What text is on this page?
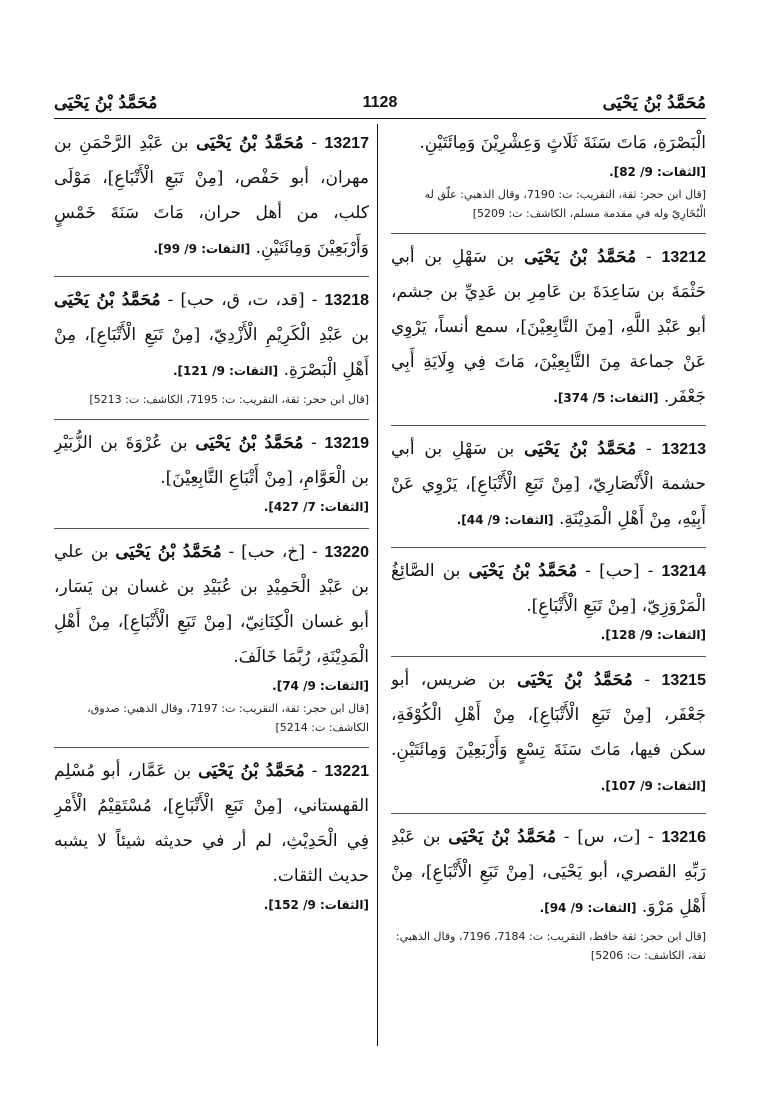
مُحَمَّدُ بْنُ يَحْيَى
1128
مُحَمَّدُ بْنُ يَحْيَى

الْبَصْرَةِ، مَاتَ سَنَةَ ثَلَاثٍ وَعِشْرِيْنَ وَمِائَتَيْنِ.

[الثقات: 9/ 82].

[قال ابن حجر: ثقة، التقريب: ت: 7190، وقال الذهبي: علّق له الْبُخَارِيّ وله في مقدمة مسلم، الكاشف: ت: 5209]

13212 - مُحَمَّدُ بْنُ يَحْيَى بن سَهْلِ بن أبي حَثْمَةَ بن سَاعِدَةَ بن عَامِرِ بن عَدِيِّ بن جشم، أبو عَبْدِ اللَّهِ، [مِنَ التَّابِعِيْنَ]، سمع أنساً، يَرْوِي عَنْ جماعة مِنَ التَّابِعِيْنَ، مَاتَ فِي وِلَايَةِ أَبِي جَعْفَر. [الثقات: 5/ 374].

13213 - مُحَمَّدُ بْنُ يَحْيَى بن سَهْلِ بن أبي حشمة الْأَنْصَارِيّ، [مِنْ تَبَعِ الْأَتْبَاعِ]، يَرْوِي عَنْ أَبِيْهِ، مِنْ أَهْلِ الْمَدِيْنَةِ. [الثقات: 9/ 44].

13214 - [حب] - مُحَمَّدُ بْنُ يَحْيَى بن الصَّائِغُ الْمَرْوَزِيّ، [مِنْ تَبَعِ الْأَتْبَاعِ].

[الثقات: 9/ 128].

13215 - مُحَمَّدُ بْنُ يَحْيَى بن ضريس، أبو جَعْفَر، [مِنْ تَبَعِ الْأَتْبَاعِ]، مِنْ أَهْلِ الْكُوْفَةِ، سكن فيها، مَاتَ سَنَةَ تِسْعٍ وَأَرْبَعِيْنَ وَمِائَتَيْنِ. [الثقات: 9/ 107].

13216 - [ت، س] - مُحَمَّدُ بْنُ يَحْيَى بن عَبْدِ رَبِّهِ القصري، أبو يَحْيَى، [مِنْ تَبَعِ الْأَتْبَاعِ]، مِنْ أَهْلِ مَرْوَ. [الثقات: 9/ 94].

[قال ابن حجر: ثقة حافظ، التقريب: ت: 7184، 7196، وقال الذهبي: ثقة، الكاشف: ت: 5206]

13217 - مُحَمَّدُ بْنُ يَحْيَى بن عَبْدِ الرَّحْمَنِ بن مهران، أبو حَفْص، [مِنْ تَبَعِ الْأَتْبَاعِ]، مَوْلَى كلب، من أهل حران، مَاتَ سَنَةَ خَمْسٍ وَأَرْبَعِيْنَ وَمِائَتَيْنِ. [الثقات: 9/ 99].

13218 - [قد، ت، ق، حب] - مُحَمَّدُ بْنُ يَحْيَى بن عَبْدِ الْكَرِيْمِ الْأَزْدِيّ، [مِنْ تَبَعِ الْأَتْبَاعِ]، مِنْ أَهْلِ الْبَصْرَةِ. [الثقات: 9/ 121].

[قال ابن حجر: ثقة، التقريب: ت: 7195، الكاشف: ت: 5213]

13219 - مُحَمَّدُ بْنُ يَحْيَى بن عُرْوَةَ بن الزُّبَيْرِ بن الْعَوَّامِ، [مِنْ أَتْبَاعِ التَّابِعِيْنَ].

[الثقات: 7/ 427].

13220 - [خ، حب] - مُحَمَّدُ بْنُ يَحْيَى بن علي بن عَبْدِ الْحَمِيْدِ بن عُبَيْدِ بن غسان بن يَسَار، أبو غسان الْكِنَانِيّ، [مِنْ تَبَعِ الْأَتْبَاعِ]، مِنْ أَهْلِ الْمَدِيْنَةِ، رُبَّمَا خَالَفَ.

[الثقات: 9/ 74].

[قال ابن حجر: ثقة، التقريب: ت: 7197، وقال الذهبي: صدوق، الكاشف: ت: 5214]

13221 - مُحَمَّدُ بْنُ يَحْيَى بن عَمَّار، أبو مُسْلِم القهستاني، [مِنْ تَبَعِ الْأَتْبَاعِ]، مُسْتَقِيْمُ الْأَمْرِ فِي الْحَدِيْثِ، لم أر في حديثه شيئاً لا يشبه حديث الثقات.

[الثقات: 9/ 152].
